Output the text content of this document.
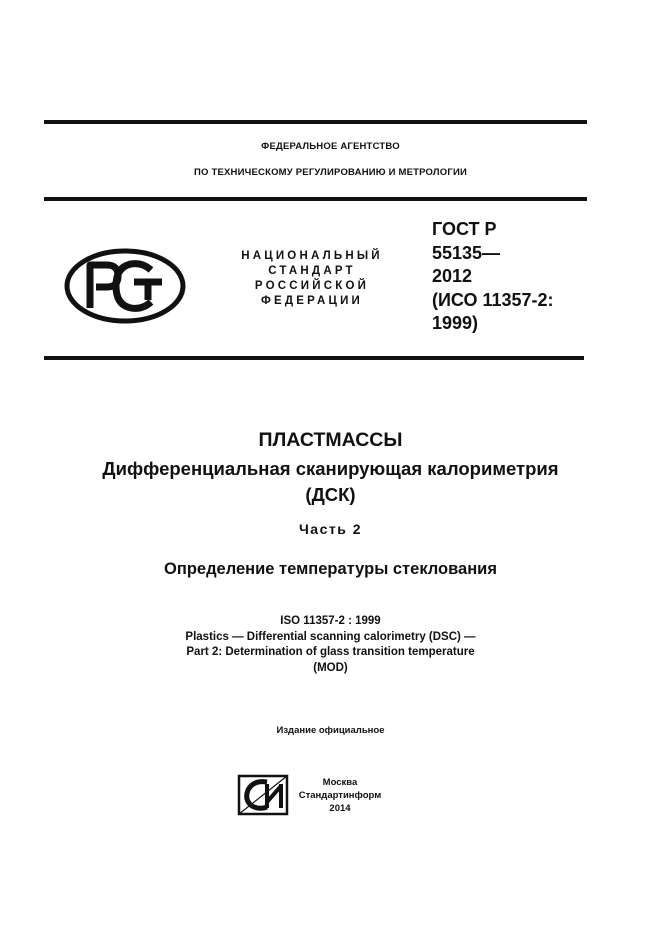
ФЕДЕРАЛЬНОЕ АГЕНТСТВО
ПО ТЕХНИЧЕСКОМУ РЕГУЛИРОВАНИЮ И МЕТРОЛОГИИ
НАЦИОНАЛЬНЫЙ
СТАНДАРТ
РОССИЙСКОЙ
ФЕДЕРАЦИИ
ГОСТ Р
55135—
2012
(ИСО 11357-2:
1999)
ПЛАСТМАССЫ
Дифференциальная сканирующая калориметрия
(ДСК)
Часть 2
Определение температуры стеклования
ISO 11357-2 : 1999
Plastics — Differential scanning calorimetry (DSC) —
Part 2: Determination of glass transition temperature
(MOD)
Издание официальное
Москва
Стандартинформ
2014
